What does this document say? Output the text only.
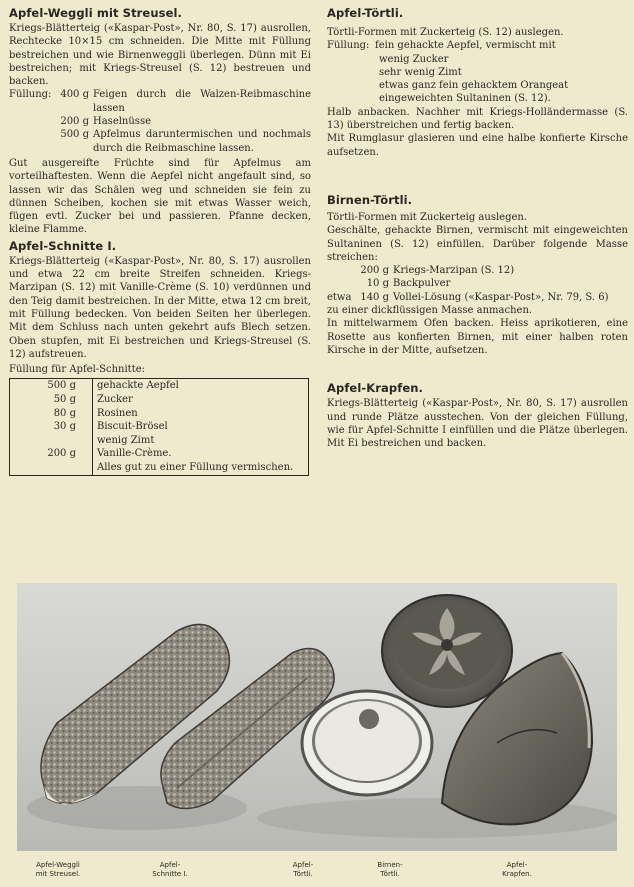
Apfel-Weggli mit Streusel.

Kriegs-Blätterteig («Kaspar-Post», Nr. 80, S. 17) ausrollen, Rechtecke 10×15 cm schneiden. Die Mitte mit Füllung bestreichen und wie Birnenweggli überlegen. Dünn mit Ei bestreichen; mit Kriegs-Streusel (S. 12) bestreuen und backen.

Füllung: 400 g Feigen durch die Walzen-Reibmaschine lassen
200 g Haselnüsse
500 g Apfelmus daruntermischen und nochmals durch die Reibmaschine lassen.

Gut ausgereifte Früchte sind für Apfelmus am vorteilhaftesten. Wenn die Aepfel nicht angefault sind, so lassen wir das Schälen weg und schneiden sie fein zu dünnen Scheiben, kochen sie mit etwas Wasser weich, fügen evtl. Zucker bei und passieren. Pfanne decken, kleine Flamme.

Apfel-Schnitte I.

Kriegs-Blätterteig («Kaspar-Post», Nr. 80, S. 17) ausrollen und etwa 22 cm breite Streifen schneiden. Kriegs-Marzipan (S. 12) mit Vanille-Crème (S. 10) verdünnen und den Teig damit bestreichen. In der Mitte, etwa 12 cm breit, mit Füllung bedecken. Von beiden Seiten her überlegen. Mit dem Schluss nach unten gekehrt aufs Blech setzen. Oben stupfen, mit Ei bestreichen und Kriegs-Streusel (S. 12) aufstreuen.

Füllung für Apfel-Schnitte:

500 g	gehackte Aepfel
50 g	Zucker
80 g	Rosinen
30 g	Biscuit-Brösel
	wenig Zimt
200 g	Vanille-Crème.
	Alles gut zu einer Füllung vermischen.
Apfel-Törtli.

Törtli-Formen mit Zuckerteig (S. 12) auslegen.

Füllung: fein gehackte Aepfel, vermischt mit
wenig Zucker
sehr wenig Zimt
etwas ganz fein gehacktem Orangeat
eingeweichten Sultaninen (S. 12).

Halb anbacken. Nachher mit Kriegs-Holländermasse (S. 13) überstreichen und fertig backen.

Mit Rumglasur glasieren und eine halbe konfierte Kirsche aufsetzen.

Birnen-Törtli.

Törtli-Formen mit Zuckerteig auslegen.

Geschälte, gehackte Birnen, vermischt mit eingeweichten Sultaninen (S. 12) einfüllen. Darüber folgende Masse streichen:

200 g Kriegs-Marzipan (S. 12)
10 g Backpulver
etwa 140 g Vollei-Lösung («Kaspar-Post», Nr. 79, S. 6)

zu einer dickflüssigen Masse anmachen.

In mittelwarmem Ofen backen. Heiss aprikotieren, eine Rosette aus konfierten Birnen, mit einer halben roten Kirsche in der Mitte, aufsetzen.

Apfel-Krapfen.

Kriegs-Blätterteig («Kaspar-Post», Nr. 80, S. 17) ausrollen und runde Plätze ausstechen. Von der gleichen Füllung, wie für Apfel-Schnitte I einfüllen und die Plätze überlegen. Mit Ei bestreichen und backen.

Apfel-Weggli
mit Streusel.
Apfel-
Schnitte I.
Apfel-
Törtli.
Birnen-
Törtli.
Apfel-
Krapfen.
